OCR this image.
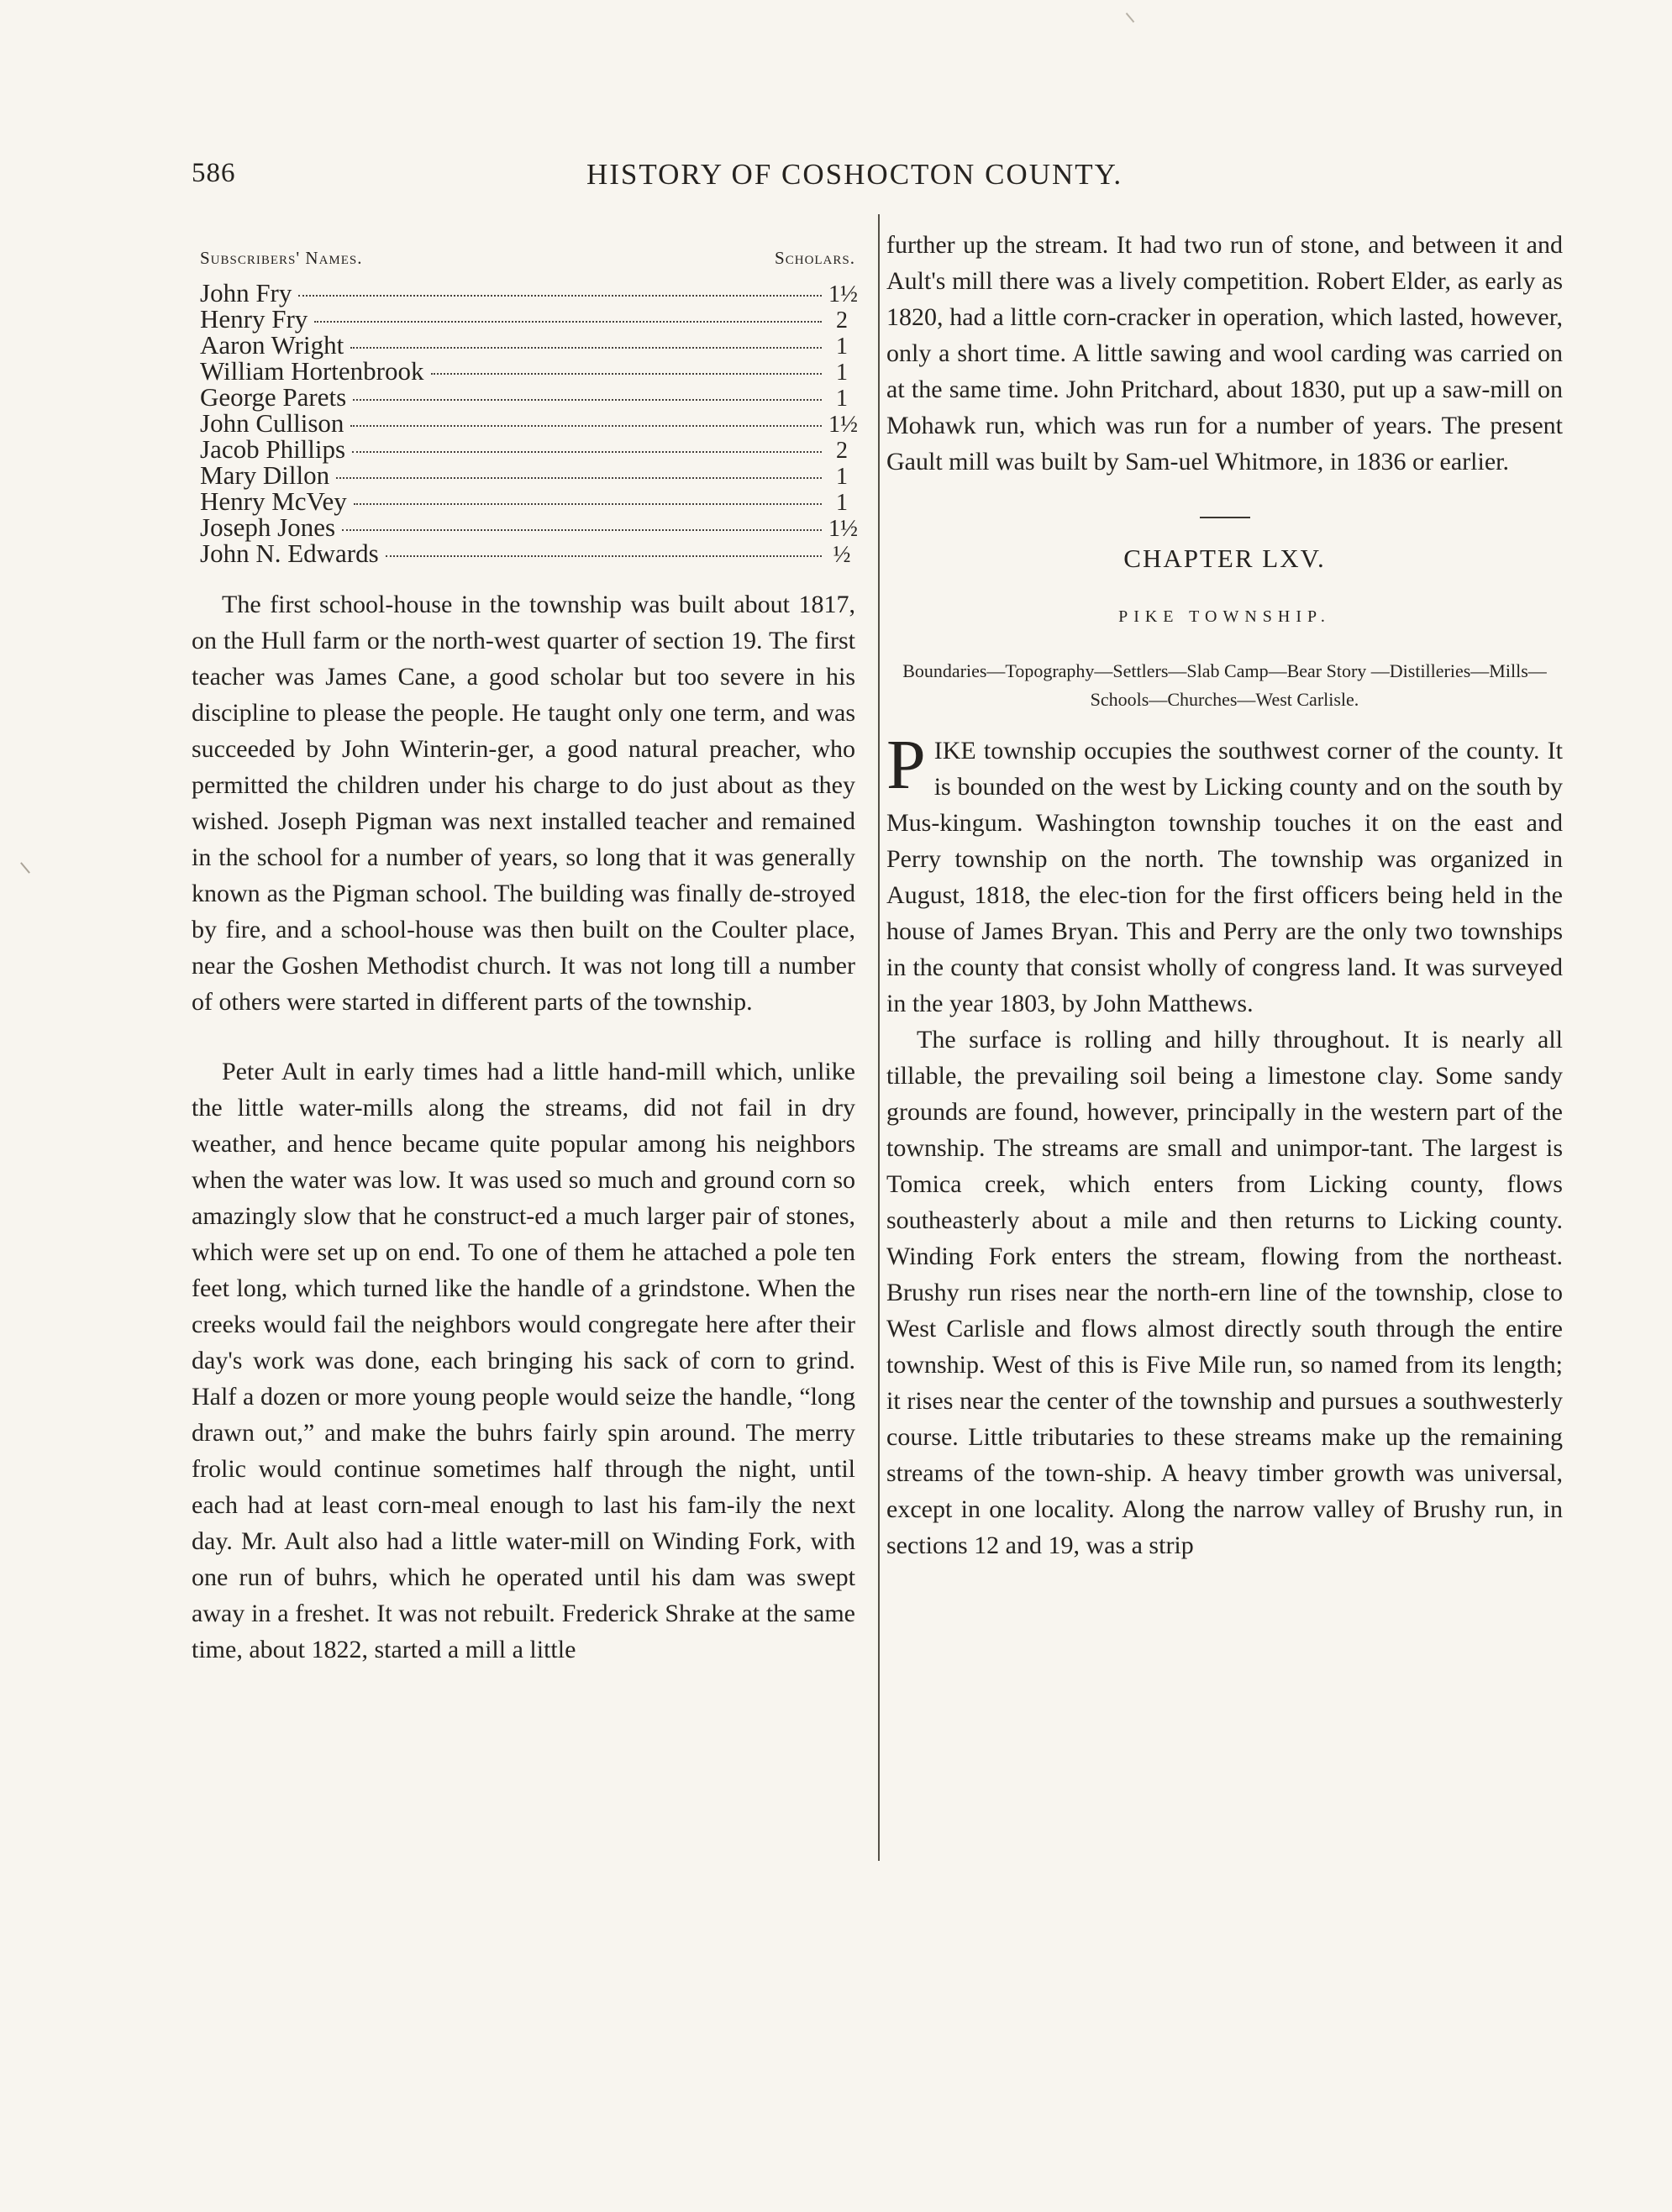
586	HISTORY OF COSHOCTON COUNTY.
Subscribers' Names.	Scholars.
John Fry	1½
Henry Fry	2
Aaron Wright	1
William Hortenbrook	1
George Parets	1
John Cullison	1½
Jacob Phillips	2
Mary Dillon	1
Henry McVey	1
Joseph Jones	1½
John N. Edwards	½

The first school-house in the township was built about 1817, on the Hull farm or the north-west quarter of section 19. The first teacher was James Cane, a good scholar but too severe in his discipline to please the people. He taught only one term, and was succeeded by John Winterin-ger, a good natural preacher, who permitted the children under his charge to do just about as they wished. Joseph Pigman was next installed teacher and remained in the school for a number of years, so long that it was generally known as the Pigman school. The building was finally de-stroyed by fire, and a school-house was then built on the Coulter place, near the Goshen Methodist church. It was not long till a number of others were started in different parts of the township.

Peter Ault in early times had a little hand-mill which, unlike the little water-mills along the streams, did not fail in dry weather, and hence became quite popular among his neighbors when the water was low. It was used so much and ground corn so amazingly slow that he construct-ed a much larger pair of stones, which were set up on end. To one of them he attached a pole ten feet long, which turned like the handle of a grindstone. When the creeks would fail the neighbors would congregate here after their day's work was done, each bringing his sack of corn to grind. Half a dozen or more young people would seize the handle, “long drawn out,” and make the buhrs fairly spin around. The merry frolic would continue sometimes half through the night, until each had at least corn-meal enough to last his fam-ily the next day. Mr. Ault also had a little water-mill on Winding Fork, with one run of buhrs, which he operated until his dam was swept away in a freshet. It was not rebuilt. Frederick Shrake at the same time, about 1822, started a mill a little

further up the stream. It had two run of stone, and between it and Ault's mill there was a lively competition. Robert Elder, as early as 1820, had a little corn-cracker in operation, which lasted, however, only a short time. A little sawing and wool carding was carried on at the same time. John Pritchard, about 1830, put up a saw-mill on Mohawk run, which was run for a number of years. The present Gault mill was built by Sam-uel Whitmore, in 1836 or earlier.

CHAPTER LXV.
PIKE TOWNSHIP.
Boundaries—Topography—Settlers—Slab Camp—Bear Story —Distilleries—Mills—Schools—Churches—West Carlisle.

PIKE township occupies the southwest corner of the county. It is bounded on the west by Licking county and on the south by Mus-kingum. Washington township touches it on the east and Perry township on the north. The township was organized in August, 1818, the elec-tion for the first officers being held in the house of James Bryan. This and Perry are the only two townships in the county that consist wholly of congress land. It was surveyed in the year 1803, by John Matthews.

The surface is rolling and hilly throughout. It is nearly all tillable, the prevailing soil being a limestone clay. Some sandy grounds are found, however, principally in the western part of the township. The streams are small and unimpor-tant. The largest is Tomica creek, which enters from Licking county, flows southeasterly about a mile and then returns to Licking county. Winding Fork enters the stream, flowing from the northeast. Brushy run rises near the north-ern line of the township, close to West Carlisle and flows almost directly south through the entire township. West of this is Five Mile run, so named from its length; it rises near the center of the township and pursues a southwesterly course. Little tributaries to these streams make up the remaining streams of the town-ship. A heavy timber growth was universal, except in one locality. Along the narrow valley of Brushy run, in sections 12 and 19, was a strip
